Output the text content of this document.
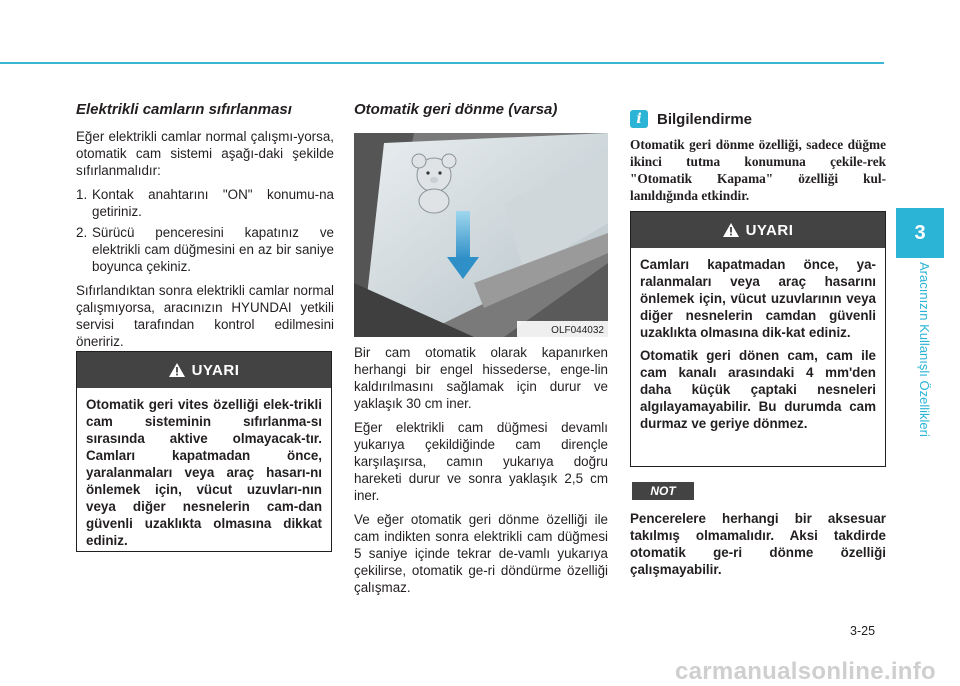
Elektrikli camların sıfırlanması

Eğer elektrikli camlar normal çalışmı-yorsa, otomatik cam sistemi aşağı-daki şekilde sıfırlanmalıdır:

1. Kontak anahtarını "ON" konumu-na getiriniz.
2. Sürücü penceresini kapatınız ve elektrikli cam düğmesini en az bir saniye boyunca çekiniz.

Sıfırlandıktan sonra elektrikli camlar normal çalışmıyorsa, aracınızın HYUNDAI yetkili servisi tarafından kontrol edilmesini öneririz.

UYARI

Otomatik geri vites özelliği elek-trikli cam sisteminin sıfırlanma-sı sırasında aktive olmayacak-tır. Camları kapatmadan önce, yaralanmaları veya araç hasarı-nı önlemek için, vücut uzuvları-nın veya diğer nesnelerin cam-dan güvenli uzaklıkta olmasına dikkat ediniz.

Otomatik geri dönme (varsa)
OLF044032

Bir cam otomatik olarak kapanırken herhangi bir engel hissederse, enge-lin kaldırılmasını sağlamak için durur ve yaklaşık 30 cm iner.

Eğer elektrikli cam düğmesi devamlı yukarıya çekildiğinde cam dirençle karşılaşırsa, camın yukarıya doğru hareketi durur ve sonra yaklaşık 2,5 cm iner.

Ve eğer otomatik geri dönme özelliği ile cam indikten sonra elektrikli cam düğmesi 5 saniye içinde tekrar de-vamlı yukarıya çekilirse, otomatik ge-ri döndürme özelliği çalışmaz.

i	Bilgilendirme

Otomatik geri dönme özelliği, sadece düğme ikinci tutma konumuna çekile-rek "Otomatik Kapama" özelliği kul-lanıldığında etkindir.

UYARI

Camları kapatmadan önce, ya-ralanmaları veya araç hasarını önlemek için, vücut uzuvlarının veya diğer nesnelerin camdan güvenli uzaklıkta olmasına dik-kat ediniz.

Otomatik geri dönen cam, cam ile cam kanalı arasındaki 4 mm'den daha küçük çaptaki nesneleri algılayamayabilir. Bu durumda cam durmaz ve geriye dönmez.

NOT

Pencerelere herhangi bir aksesuar takılmış olmamalıdır. Aksi takdirde otomatik ge-ri dönme özelliği çalışmayabilir.

3
Aracınızın Kullanışlı Özellikleri
3-25
carmanualsonline.info
